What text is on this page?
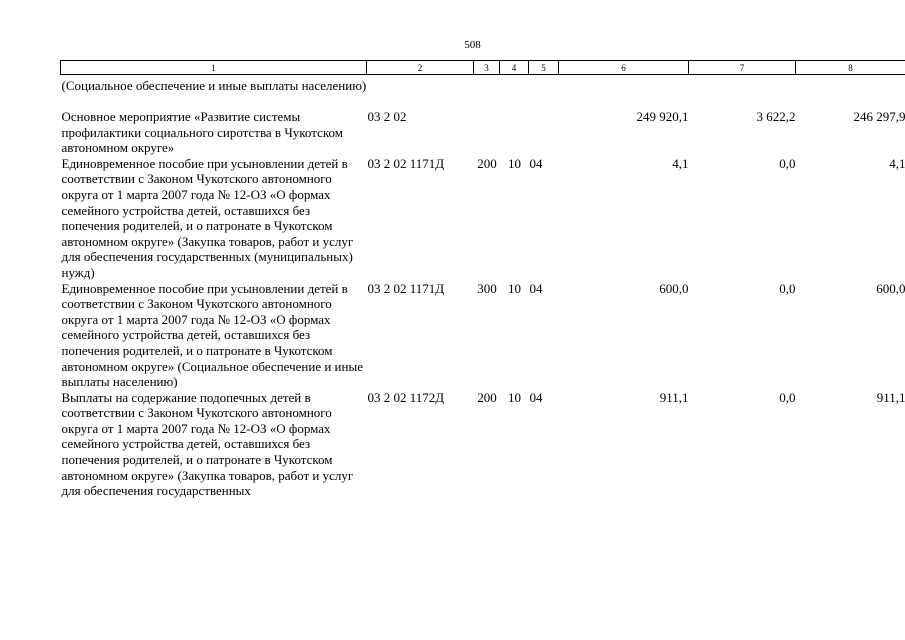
508
1	2	3	4	5	6	7	8
(Социальное обеспечение и иные выплаты населению)							
Основное мероприятие «Развитие системы профилактики социального сиротства в Чукотском автономном округе»	03 2 02				249 920,1	3 622,2	246 297,9
Единовременное пособие при усыновлении детей в соответствии с Законом Чукотского автономного округа от 1 марта 2007 года № 12-ОЗ «О формах семейного устройства детей, оставшихся без попечения родителей, и о патронате в Чукотском автономном округе» (Закупка товаров, работ и услуг для обеспечения государственных (муниципальных) нужд)	03 2 02 1171Д	200	10	04	4,1	0,0	4,1
Единовременное пособие при усыновлении детей в соответствии с Законом Чукотского автономного округа от 1 марта 2007 года № 12-ОЗ «О формах семейного устройства детей, оставшихся без попечения родителей, и о патронате в Чукотском автономном округе» (Социальное обеспечение и иные выплаты населению)	03 2 02 1171Д	300	10	04	600,0	0,0	600,0
Выплаты на содержание подопечных детей в соответствии с Законом Чукотского автономного округа от 1 марта 2007 года № 12-ОЗ «О формах семейного устройства детей, оставшихся без попечения родителей, и о патронате в Чукотском автономном округе» (Закупка товаров, работ и услуг для обеспечения государственных	03 2 02 1172Д	200	10	04	911,1	0,0	911,1
